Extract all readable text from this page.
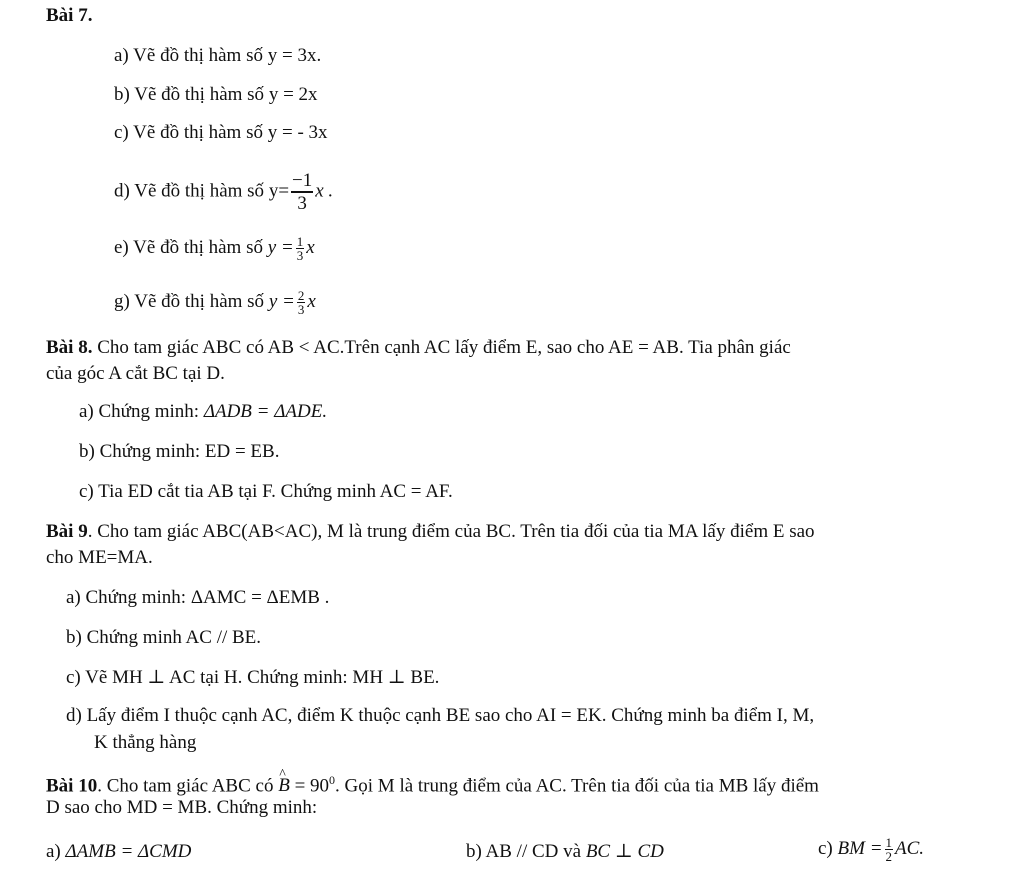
Bài 7.
a) Vẽ đồ thị hàm số y = 3x.
b) Vẽ đồ thị hàm số y = 2x
c) Vẽ đồ thị hàm số y = - 3x
d) Vẽ đồ thị hàm số $y= \frac{-1}{3}$ x .
e) Vẽ đồ thị hàm số $y = \frac{1}{3}$ x
g) Vẽ đồ thị hàm số $y = \frac{2}{3}$ x
Bài 8. Cho tam giác ABC có AB < AC.Trên cạnh AC lấy điểm E, sao cho AE = AB. Tia phân giác
của góc A cắt BC tại D.
a) Chứng minh: ΔADB = ΔADE.
b) Chứng minh: ED = EB.
c) Tia ED cắt tia AB tại F. Chứng minh AC = AF.
Bài 9. Cho tam giác ABC(AB<AC), M là trung điểm của BC. Trên tia đối của tia MA lấy điểm E sao
cho ME=MA.
a) Chứng minh: ΔAMC = ΔEMB .
b) Chứng minh AC // BE.
c) Vẽ MH ⊥ AC tại H. Chứng minh: MH ⊥ BE.
d) Lấy điểm I thuộc cạnh AC, điểm K thuộc cạnh BE sao cho AI = EK. Chứng minh ba điểm I, M,
K thẳng hàng
Bài 10. Cho tam giác ABC có ^ $B = 90^0$. Gọi M là trung điểm của AC. Trên tia đối của tia MB lấy điểm
D sao cho MD = MB. Chứng minh:
a) ΔAMB = ΔCMD	b) AB // CD và BC ⊥ CD	c) BM = $\frac{1}{2}$ AC.
